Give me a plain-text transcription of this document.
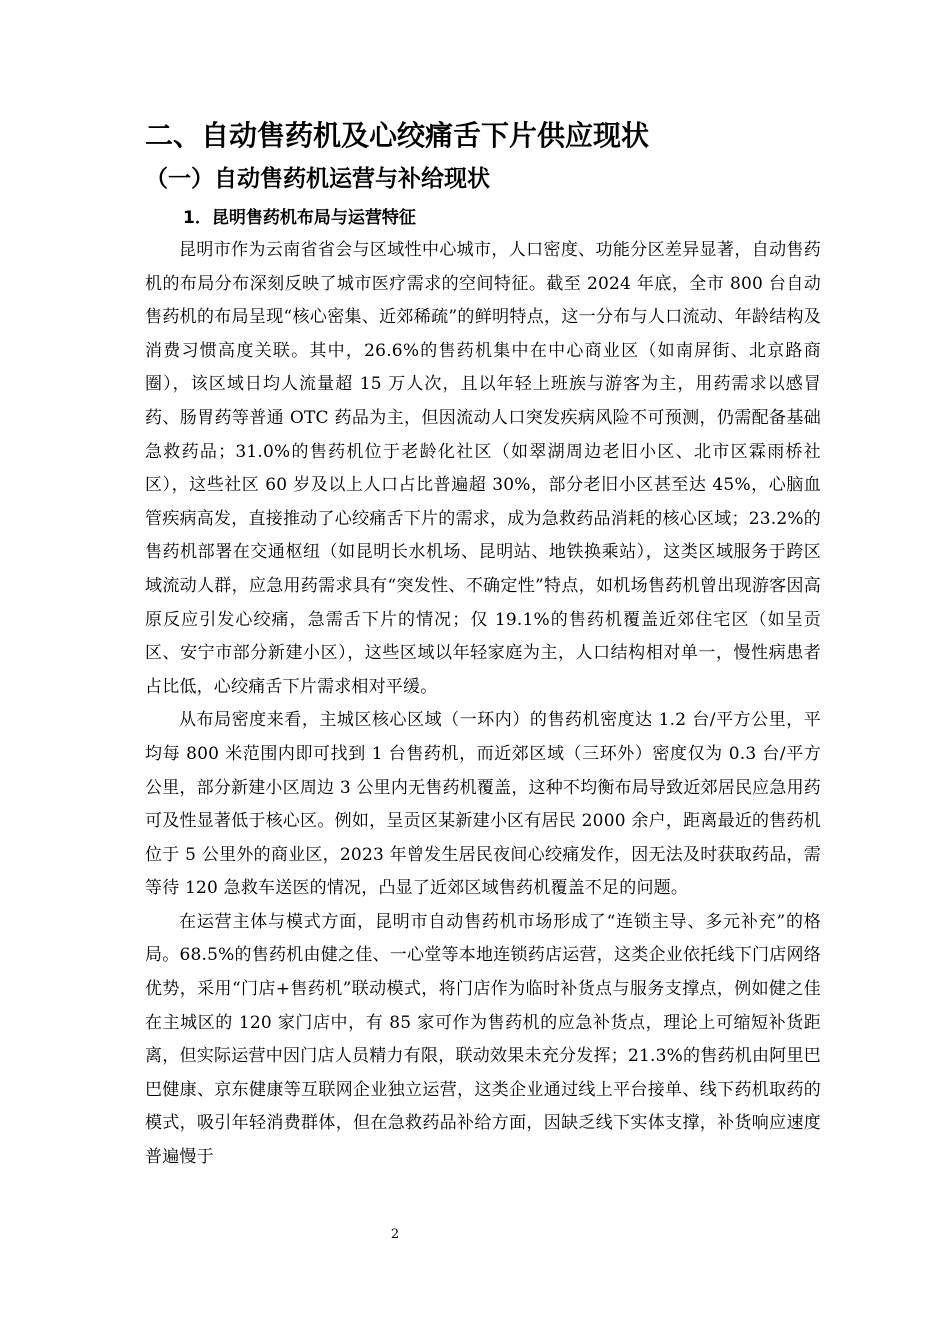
二、自动售药机及心绞痛舌下片供应现状
（一）自动售药机运营与补给现状
1．昆明售药机布局与运营特征

昆明市作为云南省省会与区域性中心城市，人口密度、功能分区差异显著，自动售药机的布局分布深刻反映了城市医疗需求的空间特征。截至 2024 年底，全市 800 台自动售药机的布局呈现“核心密集、近郊稀疏”的鲜明特点，这一分布与人口流动、年龄结构及消费习惯高度关联。其中，26.6%的售药机集中在中心商业区（如南屏街、北京路商圈），该区域日均人流量超 15 万人次，且以年轻上班族与游客为主，用药需求以感冒药、肠胃药等普通 OTC 药品为主，但因流动人口突发疾病风险不可预测，仍需配备基础急救药品；31.0%的售药机位于老龄化社区（如翠湖周边老旧小区、北市区霖雨桥社区），这些社区 60 岁及以上人口占比普遍超 30%，部分老旧小区甚至达 45%，心脑血管疾病高发，直接推动了心绞痛舌下片的需求，成为急救药品消耗的核心区域；23.2%的售药机部署在交通枢纽（如昆明长水机场、昆明站、地铁换乘站），这类区域服务于跨区域流动人群，应急用药需求具有“突发性、不确定性”特点，如机场售药机曾出现游客因高原反应引发心绞痛，急需舌下片的情况；仅 19.1%的售药机覆盖近郊住宅区（如呈贡区、安宁市部分新建小区），这些区域以年轻家庭为主，人口结构相对单一，慢性病患者占比低，心绞痛舌下片需求相对平缓。

从布局密度来看，主城区核心区域（一环内）的售药机密度达 1.2 台/平方公里，平均每 800 米范围内即可找到 1 台售药机，而近郊区域（三环外）密度仅为 0.3 台/平方公里，部分新建小区周边 3 公里内无售药机覆盖，这种不均衡布局导致近郊居民应急用药可及性显著低于核心区。例如，呈贡区某新建小区有居民 2000 余户，距离最近的售药机位于 5 公里外的商业区，2023 年曾发生居民夜间心绞痛发作，因无法及时获取药品，需等待 120 急救车送医的情况，凸显了近郊区域售药机覆盖不足的问题。

在运营主体与模式方面，昆明市自动售药机市场形成了“连锁主导、多元补充”的格局。68.5%的售药机由健之佳、一心堂等本地连锁药店运营，这类企业依托线下门店网络优势，采用“门店+售药机”联动模式，将门店作为临时补货点与服务支撑点，例如健之佳在主城区的 120 家门店中，有 85 家可作为售药机的应急补货点，理论上可缩短补货距离，但实际运营中因门店人员精力有限，联动效果未充分发挥；21.3%的售药机由阿里巴巴健康、京东健康等互联网企业独立运营，这类企业通过线上平台接单、线下药机取药的模式，吸引年轻消费群体，但在急救药品补给方面，因缺乏线下实体支撑，补货响应速度普遍慢于

2
